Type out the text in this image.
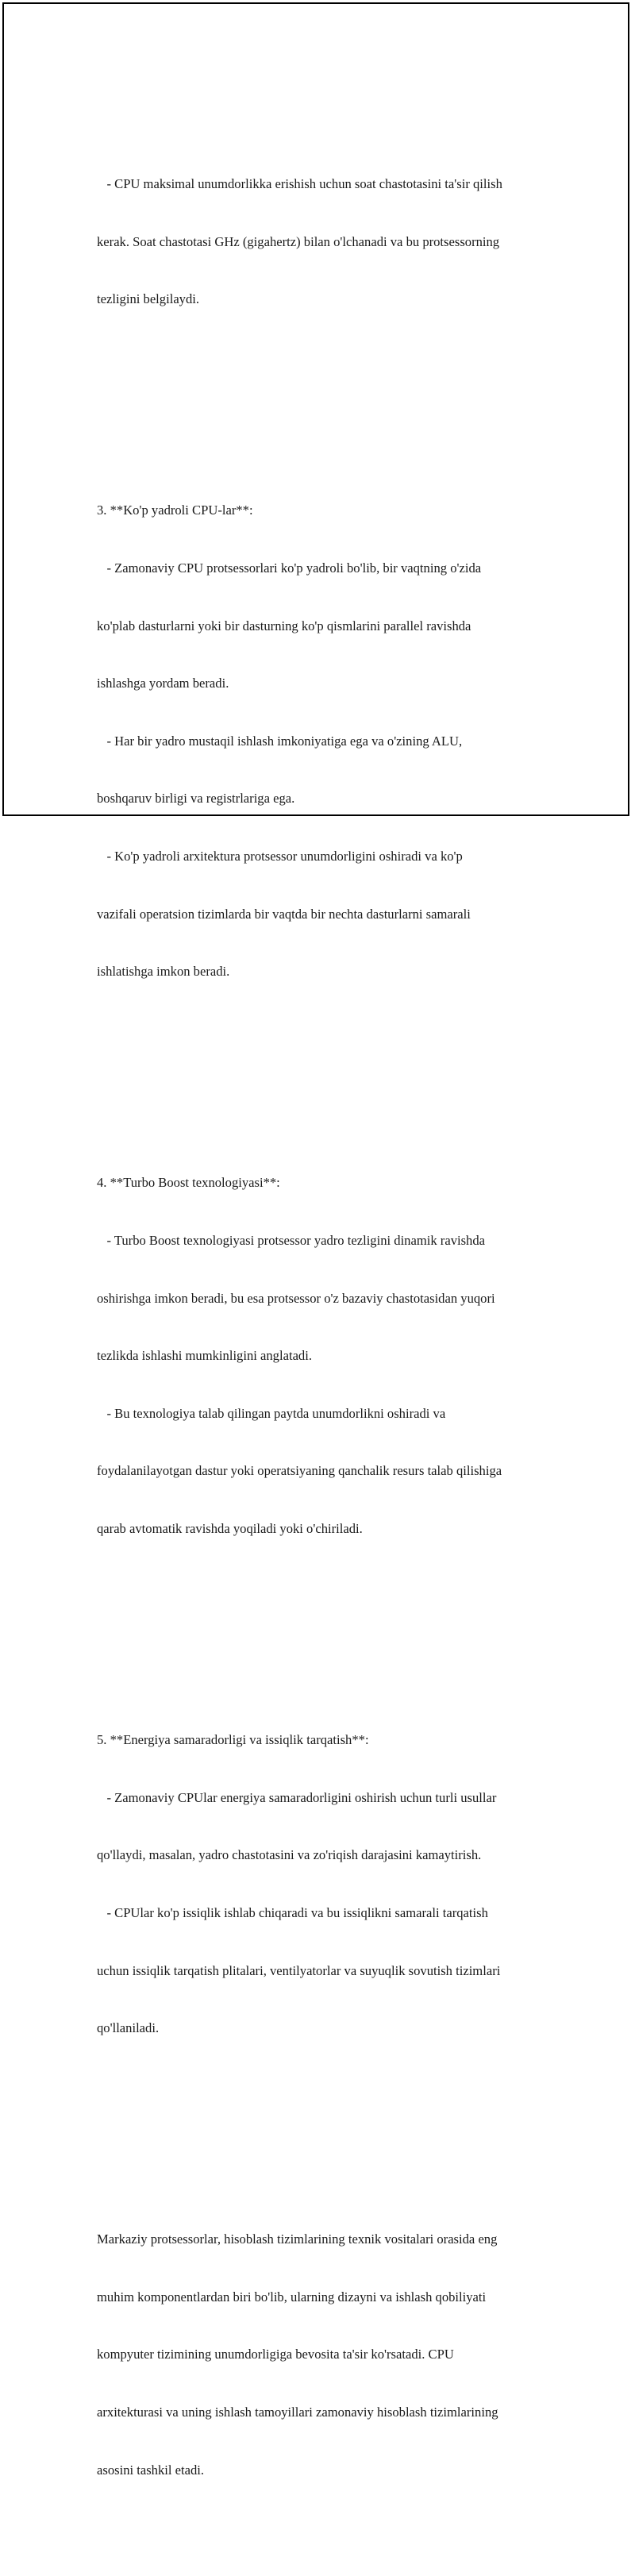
- CPU maksimal unumdorlikka erishish uchun soat chastotasini ta'sir qilish

kerak. Soat chastotasi GHz (gigahertz) bilan o'lchanadi va bu protsessorning

tezligini belgilaydi.

3. **Ko'p yadroli CPU-lar**:

- Zamonaviy CPU protsessorlari ko'p yadroli bo'lib, bir vaqtning o'zida

ko'plab dasturlarni yoki bir dasturning ko'p qismlarini parallel ravishda

ishlashga yordam beradi.

- Har bir yadro mustaqil ishlash imkoniyatiga ega va o'zining ALU,

boshqaruv birligi va registrlariga ega.

- Ko'p yadroli arxitektura protsessor unumdorligini oshiradi va ko'p

vazifali operatsion tizimlarda bir vaqtda bir nechta dasturlarni samarali

ishlatishga imkon beradi.

4. **Turbo Boost texnologiyasi**:

- Turbo Boost texnologiyasi protsessor yadro tezligini dinamik ravishda

oshirishga imkon beradi, bu esa protsessor o'z bazaviy chastotasidan yuqori

tezlikda ishlashi mumkinligini anglatadi.

- Bu texnologiya talab qilingan paytda unumdorlikni oshiradi va

foydalanilayotgan dastur yoki operatsiyaning qanchalik resurs talab qilishiga

qarab avtomatik ravishda yoqiladi yoki o'chiriladi.

5. **Energiya samaradorligi va issiqlik tarqatish**:

- Zamonaviy CPUlar energiya samaradorligini oshirish uchun turli usullar

qo'llaydi, masalan, yadro chastotasini va zo'riqish darajasini kamaytirish.

- CPUlar ko'p issiqlik ishlab chiqaradi va bu issiqlikni samarali tarqatish

uchun issiqlik tarqatish plitalari, ventilyatorlar va suyuqlik sovutish tizimlari

qo'llaniladi.

Markaziy protsessorlar, hisoblash tizimlarining texnik vositalari orasida eng

muhim komponentlardan biri bo'lib, ularning dizayni va ishlash qobiliyati

kompyuter tizimining unumdorligiga bevosita ta'sir ko'rsatadi. CPU

arxitekturasi va uning ishlash tamoyillari zamonaviy hisoblash tizimlarining

asosini tashkil etadi.
